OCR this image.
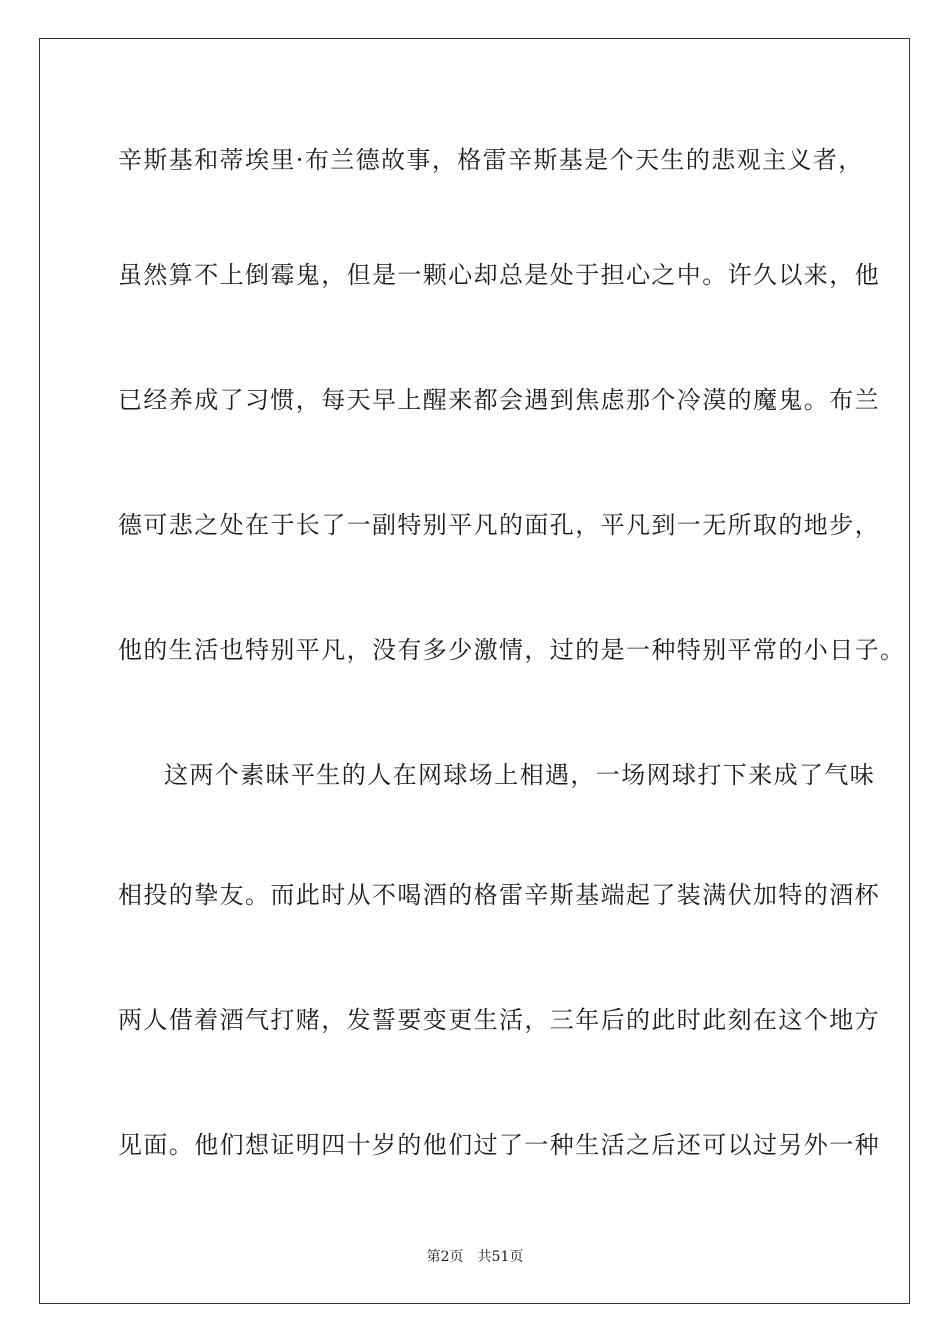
辛斯基和蒂埃里·布兰德故事，格雷辛斯基是个天生的悲观主义者，
虽然算不上倒霉鬼，但是一颗心却总是处于担心之中。许久以来，他
已经养成了习惯，每天早上醒来都会遇到焦虑那个冷漠的魔鬼。布兰
德可悲之处在于长了一副特别平凡的面孔，平凡到一无所取的地步，
他的生活也特别平凡，没有多少激情，过的是一种特别平常的小日子。
这两个素昧平生的人在网球场上相遇，一场网球打下来成了气味
相投的挚友。而此时从不喝酒的格雷辛斯基端起了装满伏加特的酒杯
两人借着酒气打赌，发誓要变更生活，三年后的此时此刻在这个地方
见面。他们想证明四十岁的他们过了一种生活之后还可以过另外一种
第2页 共51页
